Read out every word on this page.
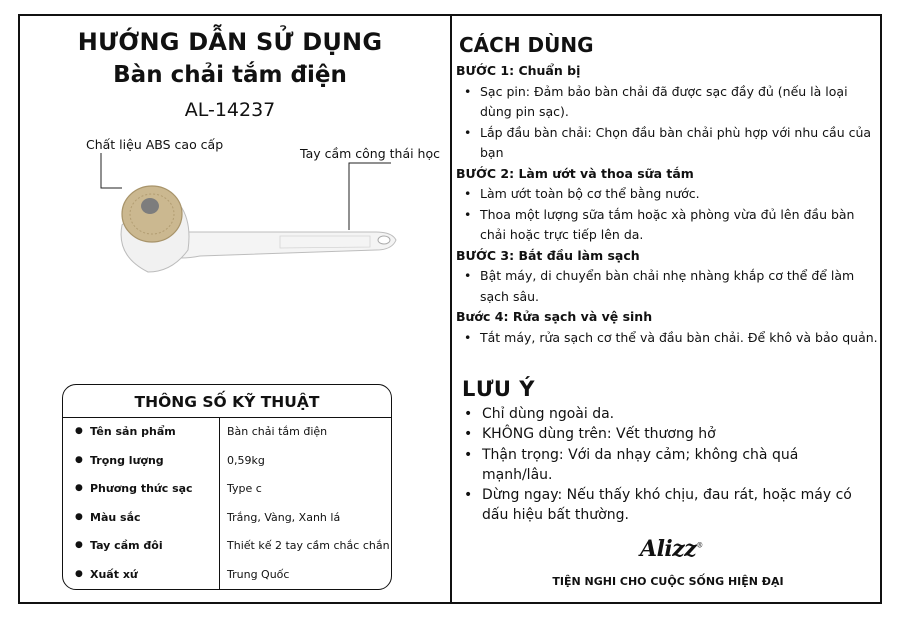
HƯỚNG DẪN SỬ DỤNG
Bàn chải tắm điện
AL-14237
Chất liệu ABS cao cấp
Tay cầm công thái học
THÔNG SỐ KỸ THUẬT
● Tên sản phẩm	Bàn chải tắm điện
● Trọng lượng	0,59kg
● Phương thức sạc	Type c
● Màu sắc	Trắng, Vàng, Xanh lá
● Tay cầm đôi	Thiết kế 2 tay cầm chắc chắn
● Xuất xứ	Trung Quốc
CÁCH DÙNG
BƯỚC 1: Chuẩn bị
• Sạc pin: Đảm bảo bàn chải đã được sạc đầy đủ (nếu là loại dùng pin sạc).
• Lắp đầu bàn chải: Chọn đầu bàn chải phù hợp với nhu cầu của bạn
BƯỚC 2: Làm ướt và thoa sữa tắm
• Làm ướt toàn bộ cơ thể bằng nước.
• Thoa một lượng sữa tắm hoặc xà phòng vừa đủ lên đầu bàn chải hoặc trực tiếp lên da.
BƯỚC 3: Bắt đầu làm sạch
• Bật máy, di chuyển bàn chải nhẹ nhàng khắp cơ thể để làm sạch sâu.
Bước 4: Rửa sạch và vệ sinh
• Tắt máy, rửa sạch cơ thể và đầu bàn chải. Để khô và bảo quản.
LƯU Ý
• Chỉ dùng ngoài da.
• KHÔNG dùng trên: Vết thương hở
• Thận trọng: Với da nhạy cảm; không chà quá mạnh/lâu.
• Dừng ngay: Nếu thấy khó chịu, đau rát, hoặc máy có dấu hiệu bất thường.
Alizz®
TIỆN NGHI CHO CUỘC SỐNG HIỆN ĐẠI
